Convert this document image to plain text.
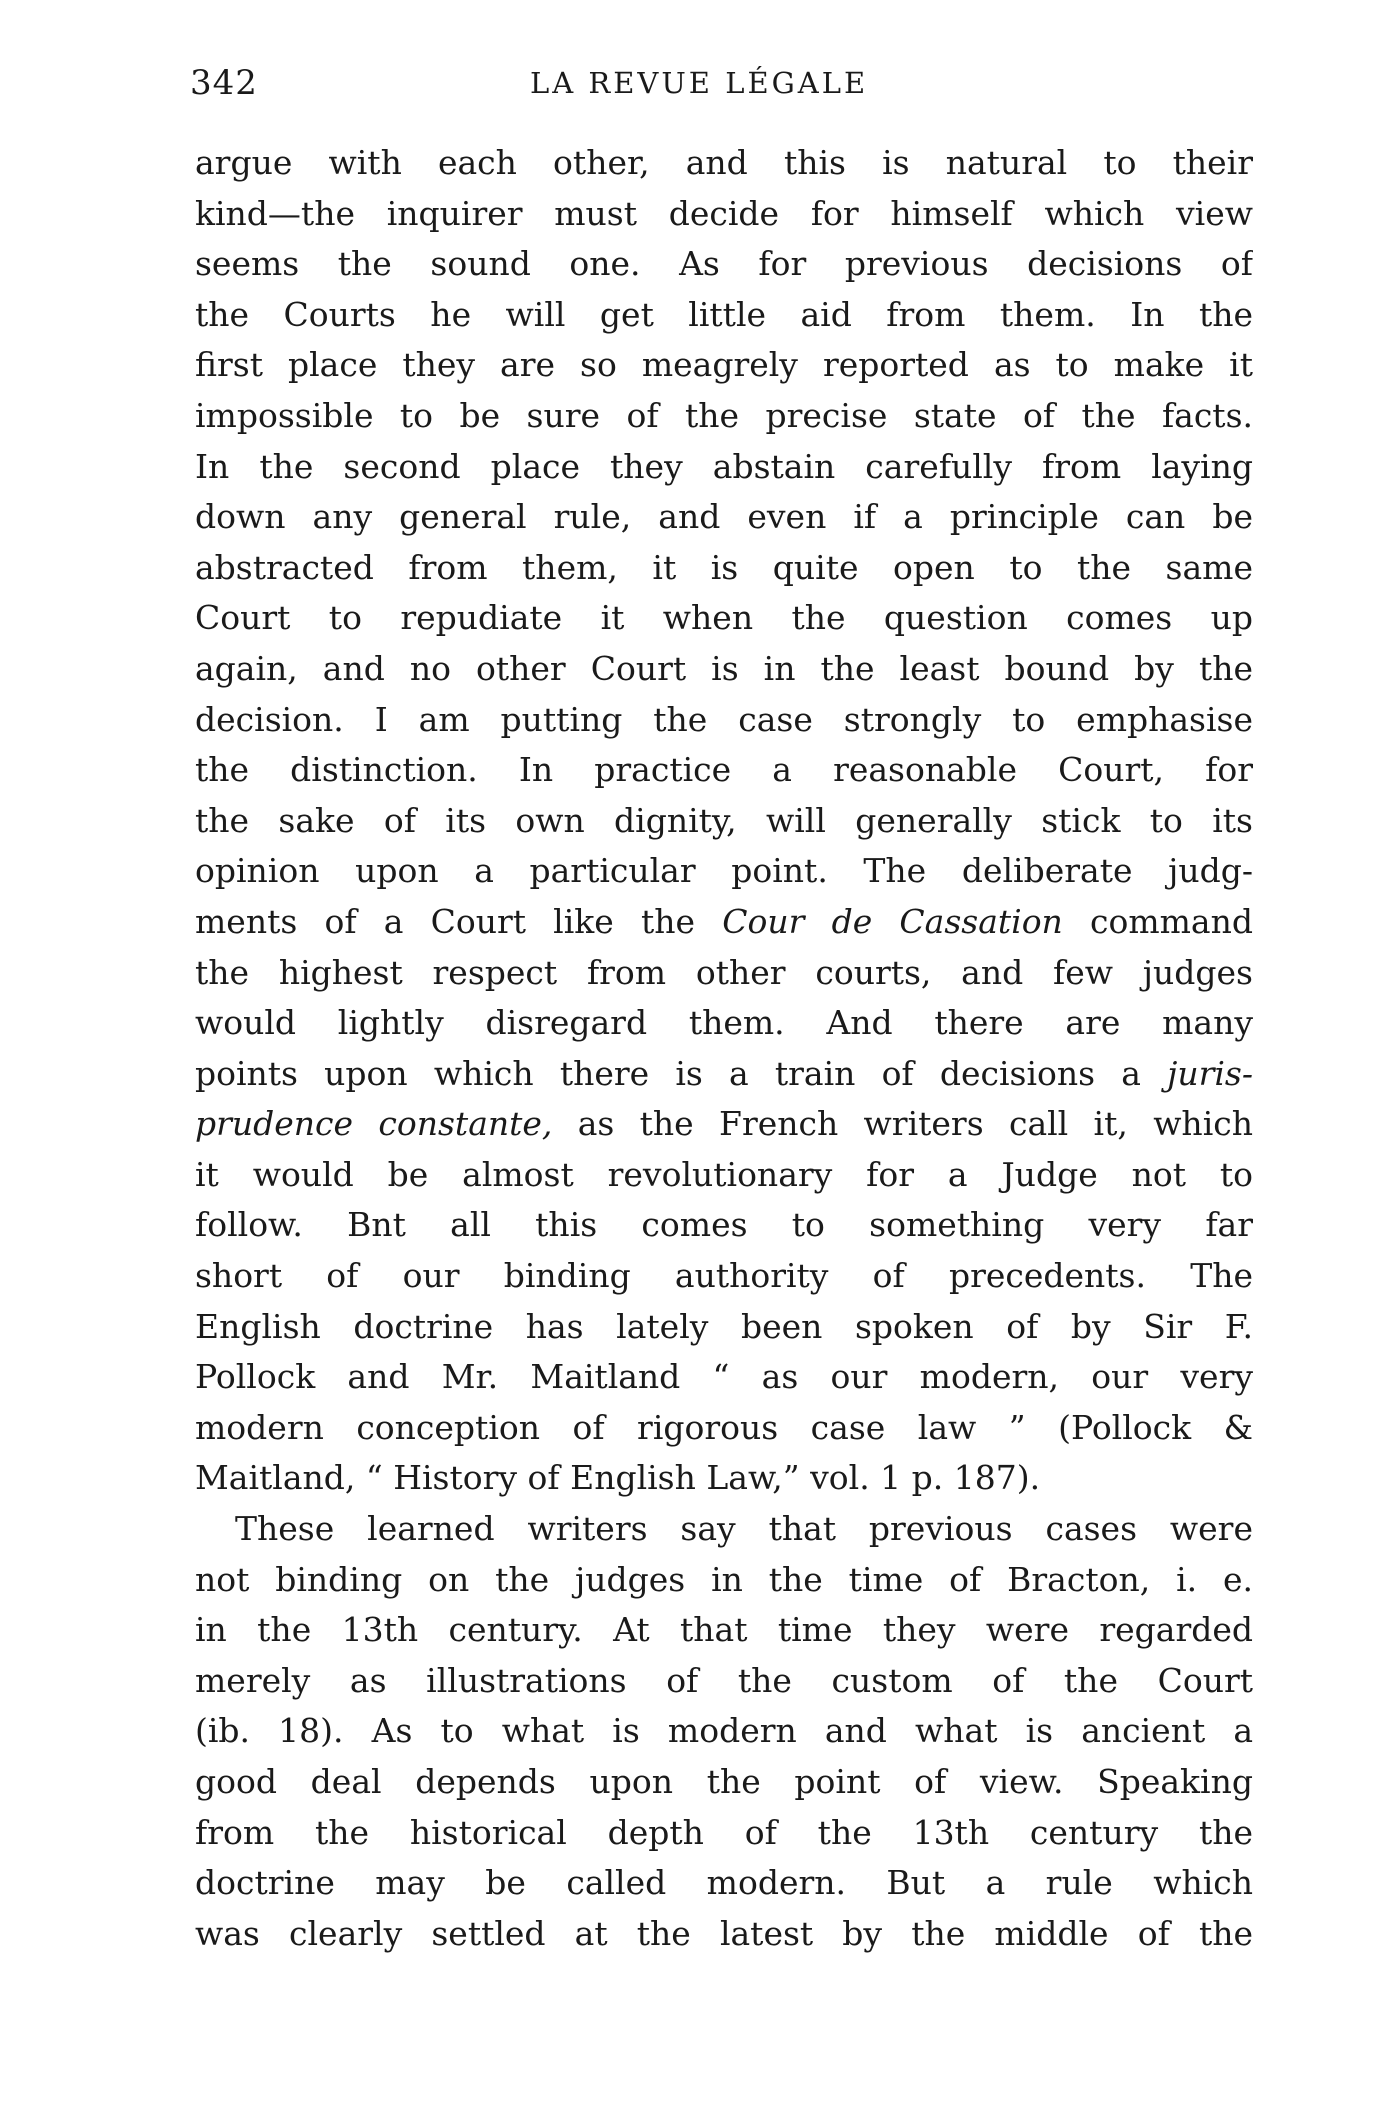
342	LA REVUE LÉGALE
argue with each other, and this is natural to their
kind—the inquirer must decide for himself which view
seems the sound one. As for previous decisions of
the Courts he will get little aid from them. In the
first place they are so meagrely reported as to make it
impossible to be sure of the precise state of the facts.
In the second place they abstain carefully from laying
down any general rule, and even if a principle can be
abstracted from them, it is quite open to the same
Court to repudiate it when the question comes up
again, and no other Court is in the least bound by the
decision. I am putting the case strongly to emphasise
the distinction. In practice a reasonable Court, for
the sake of its own dignity, will generally stick to its
opinion upon a particular point. The deliberate judg-
ments of a Court like the Cour de Cassation command
the highest respect from other courts, and few judges
would lightly disregard them. And there are many
points upon which there is a train of decisions a juris-
prudence constante, as the French writers call it, which
it would be almost revolutionary for a Judge not to
follow. Bnt all this comes to something very far
short of our binding authority of precedents. The
English doctrine has lately been spoken of by Sir F.
Pollock and Mr. Maitland “ as our modern, our very
modern conception of rigorous case law ” (Pollock &
Maitland, “ History of English Law,” vol. 1 p. 187).
These learned writers say that previous cases were
not binding on the judges in the time of Bracton, i. e.
in the 13th century. At that time they were regarded
merely as illustrations of the custom of the Court
(ib. 18). As to what is modern and what is ancient a
good deal depends upon the point of view. Speaking
from the historical depth of the 13th century the
doctrine may be called modern. But a rule which
was clearly settled at the latest by the middle of the
